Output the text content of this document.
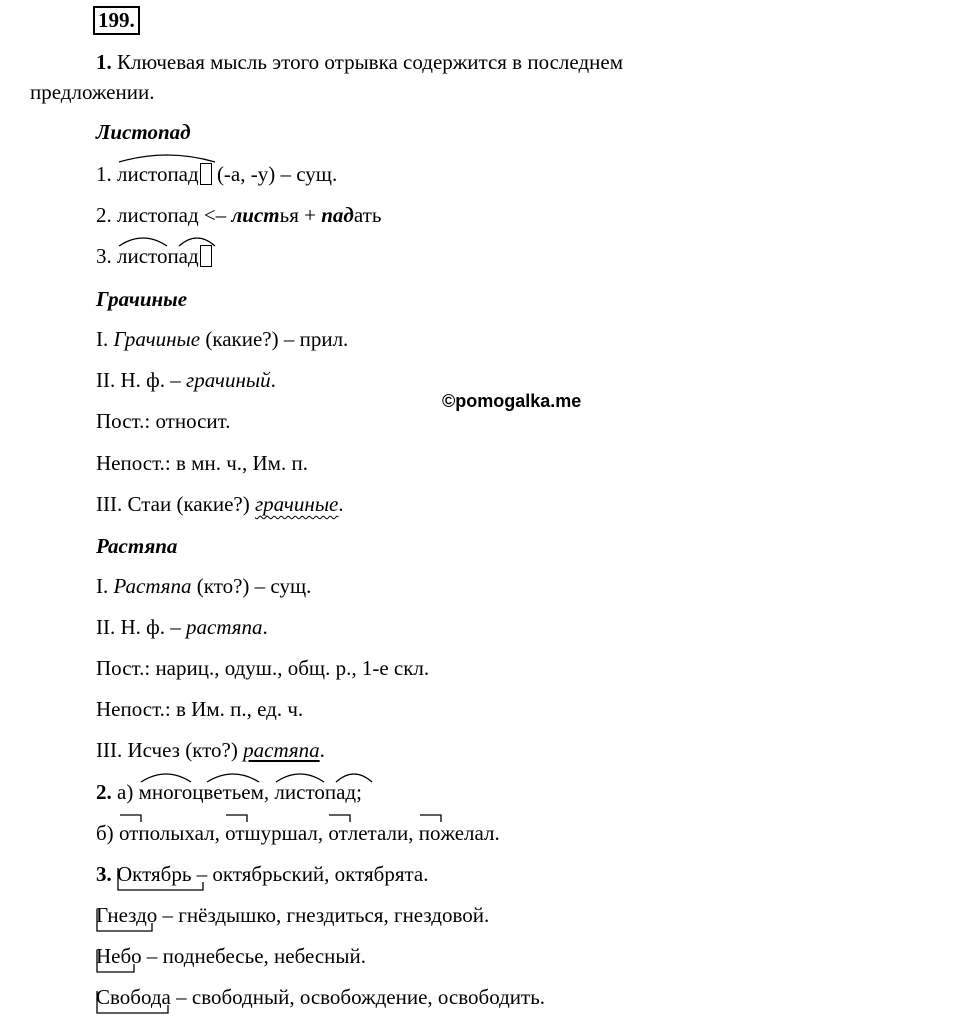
199.
1. Ключевая мысль этого отрывка содержится в последнем
предложении.
Листопад
1.
листопад (-а, -у) – сущ.
2. листопад <– листья + падать
3.
листопад
Грачиные
I. Грачиные (какие?) – прил.
II. Н. ф. – грачиный.
Пост.: относит.
Непост.: в мн. ч., Им. п.
III. Стаи (какие?) грачиные.
©pomogalka.me
Растяпа
I. Растяпа (кто?) – сущ.
II. Н. ф. – растяпа.
Пост.: нариц., одуш., общ. р., 1-е скл.
Непост.: в Им. п., ед. ч.
III. Исчез (кто?) растяпа.
2. а)
многоцветьем,
листопад;
б)
отполыхал,
отшуршал,
отлетали,
пожелал.
3. Октябрь – октябрьский, октябрята.
Гнездо – гнёздышко, гнездиться, гнездовой.
Небо – поднебесье, небесный.
Свобода – свободный, освобождение, освободить.
